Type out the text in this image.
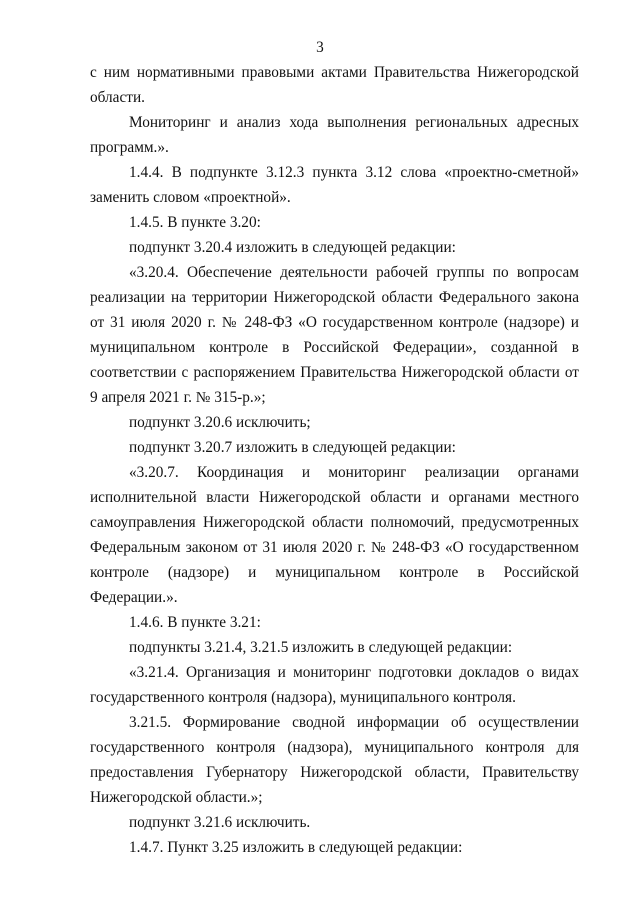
3

с ним нормативными правовыми актами Правительства Нижегородской области.

Мониторинг и анализ хода выполнения региональных адресных программ.».

1.4.4. В подпункте 3.12.3 пункта 3.12 слова «проектно-сметной» заменить словом «проектной».

1.4.5. В пункте 3.20:

подпункт 3.20.4 изложить в следующей редакции:

«3.20.4. Обеспечение деятельности рабочей группы по вопросам реализации на территории Нижегородской области Федерального закона от 31 июля 2020 г. № 248-ФЗ «О государственном контроле (надзоре) и муниципальном контроле в Российской Федерации», созданной в соответствии с распоряжением Правительства Нижегородской области от 9 апреля 2021 г. № 315-р.»;

подпункт 3.20.6 исключить;

подпункт 3.20.7 изложить в следующей редакции:

«3.20.7. Координация и мониторинг реализации органами исполнительной власти Нижегородской области и органами местного самоуправления Нижегородской области полномочий, предусмотренных Федеральным законом от 31 июля 2020 г. № 248-ФЗ «О государственном контроле (надзоре) и муниципальном контроле в Российской Федерации.».

1.4.6. В пункте 3.21:

подпункты 3.21.4, 3.21.5 изложить в следующей редакции:

«3.21.4. Организация и мониторинг подготовки докладов о видах государственного контроля (надзора), муниципального контроля.

3.21.5. Формирование сводной информации об осуществлении государственного контроля (надзора), муниципального контроля для предоставления Губернатору Нижегородской области, Правительству Нижегородской области.»;

подпункт 3.21.6 исключить.

1.4.7. Пункт 3.25 изложить в следующей редакции:
